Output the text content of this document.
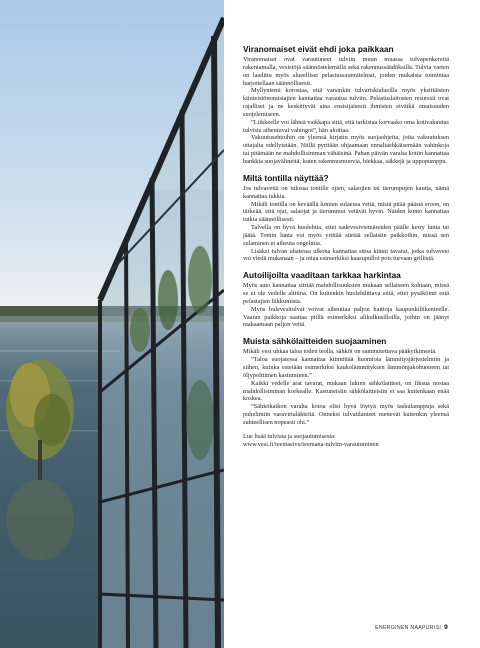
Viranomaiset eivät ehdi joka paikkaan

Viranomaiset ovat varautuneet tulviin muun muassa tulvapenkereitä rakentamalla, vesistöjä säännöstelemällä sekä rakennussäädöksillä. Tulvia varten on laadittu myös alueelliset pelastussuunnitelmat, joiden mukaista toimintaa harjoitellaan säännöllisesti.

Myllyniemi korostaa, että varsinkin tulvariskialueilla myös yksittäisten kiinteistönomistajien kannattaa varautua tulviin. Pelastuslaitosten resurssit ovat rajalliset ja ne keskittyvät aina ensisijaisesti ihmisten eivätkä omaisuuden suojelemiseen.

”Liikkeelle voi lähteä vaikkapa siitä, että tarkistaa korvaako oma kotivakuutus tulvista aiheutuvat vahingot”, hän aloittaa.

Vakuutusehtoihin on yleensä kirjattu myös suojaohjeita, joita vakuutuksen ottajalta edellytetään. Niillä pyritään ohjaamaan ennaltaehkäisemään vahinkoja tai pitämään ne mahdollisimman vähäisinä. Pahan päivän varalta kotiin kannattaa hankkia suojavälineitä, kuten rakennusmuovia, hiekkaa, säkkejä ja uppopumppu.

Miltä tontilla näyttää?

Jos tulvavettä on tulossa tontille ojien, salaojien tai tierumpujen kautta, nämä kannattaa tukkia.

Mikäli tontilla on keväällä lumien sulaessa vettä, mistä pitää päästä eroon, on tärkeää, että ojat, salaojat ja tierummut vetävät hyvin. Näiden kunto kannattaa tutkia säännöllisesti.

Talvella on hyvä huolehtia, ettei sadevesiviemäreiden päälle kerry lunta tai jäätä. Tontin lunta voi myös yrittää siirtää sellaisiin paikkoihin, missä sen sulaminen ei aiheuta ongelmia.

Lisäksi tulvan uhatessa ulkona kannattaa sitoa kiinni tavarat, jotka tulvavesi voi viedä mukanaan – ja ottaa esimerkiksi kaasupullot pois turvaan grillistä.

Autoilijoilta vaaditaan tarkkaa harkintaa

Myös auto kannattaa siirtää mahdollisuuksien mukaan sellaiseen kohtaan, missä se ei ole vedelle alttiina. On kuitenkin huolehdittava siitä, ettei pysäköinti estä pelastajien liikkumista.

Myös hulevesitulvat voivat aiheuttaa paljon haittoja kaupunkiliikenteelle. Vaaran paikkoja saattaa piillä esimerkiksi alikulkusilloilla, joihin on jäänyt makaamaan paljon vettä.

Muista sähkölaitteiden suojaaminen

Mikäli vesi uhkaa taloa toden teolla, sähköt on sammutettava pääkytkimestä.

”Taloa suojatessa kannattaa kiinnittää huomiota lämmitysjärjestelmiin ja siihen, kuinka estetään esimerkiksi kaukolämmityksen lämmönjakohuoneen tai öljypolttimen kastuminen.”

Kaikki vedelle arat tavarat, mukaan lukien sähkölaitteet, on fiksua nostaa mahdollisimman korkealle. Kastuneisiin sähkölaitteisiin ei saa kuitenkaan enää koskea.

”Sähkökatkon varalta kotoa olisi hyvä löytyä myös taskulamppuja sekä puhelimiin varavirtalähteitä. Onneksi tulvatilanteet menevät kuitenkin yleensä suhteellisen nopeasti ohi.”

Lue lisää tulvista ja suojautumisesta:

www.vesi.fi/teemasivu/teemana-tulviin-varautuminen

ENERGINEN NAAPURISI 9
